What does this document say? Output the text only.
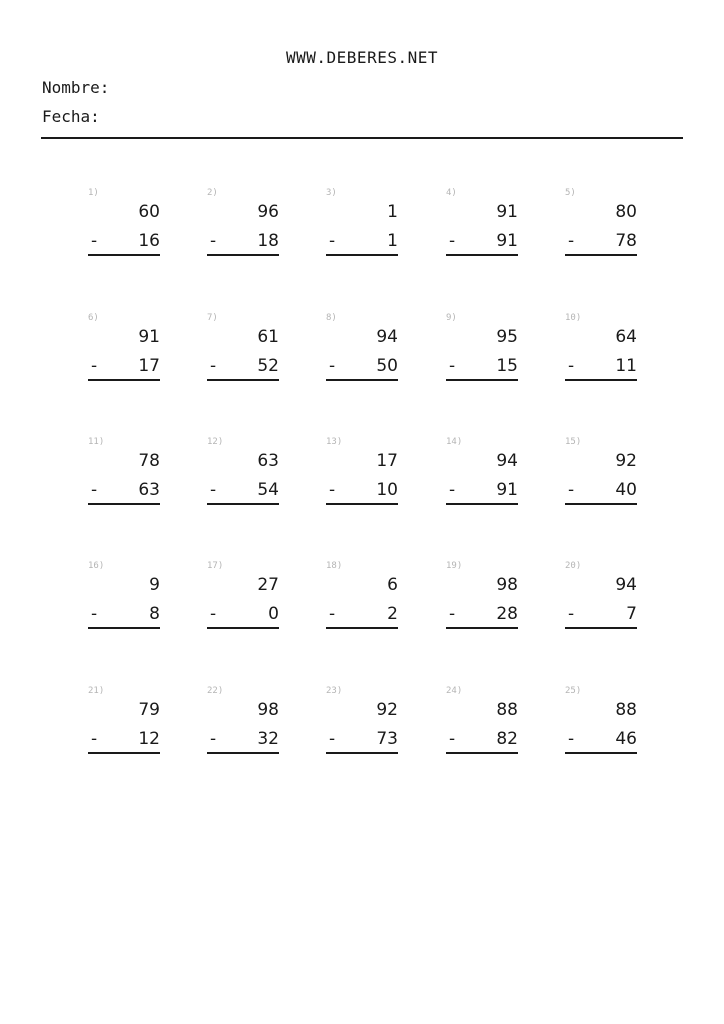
WWW.DEBERES.NET
Nombre:
Fecha:
1)
60
- 16
2)
96
- 18
3)
1
-	1
4)
91
- 91
5)
80
- 78
6)
91
- 17
7)
61
- 52
8)
94
- 50
9)
95
- 15
10)
64
- 11
11)
78
- 63
12)
63
- 54
13)
17
- 10
14)
94
- 91
15)
92
- 40
16)
9
-	8
17)
27
-	0
18)
6
-	2
19)
98
- 28
20)
94
-	7
21)
79
- 12
22)
98
- 32
23)
92
- 73
24)
88
- 82
25)
88
- 46
